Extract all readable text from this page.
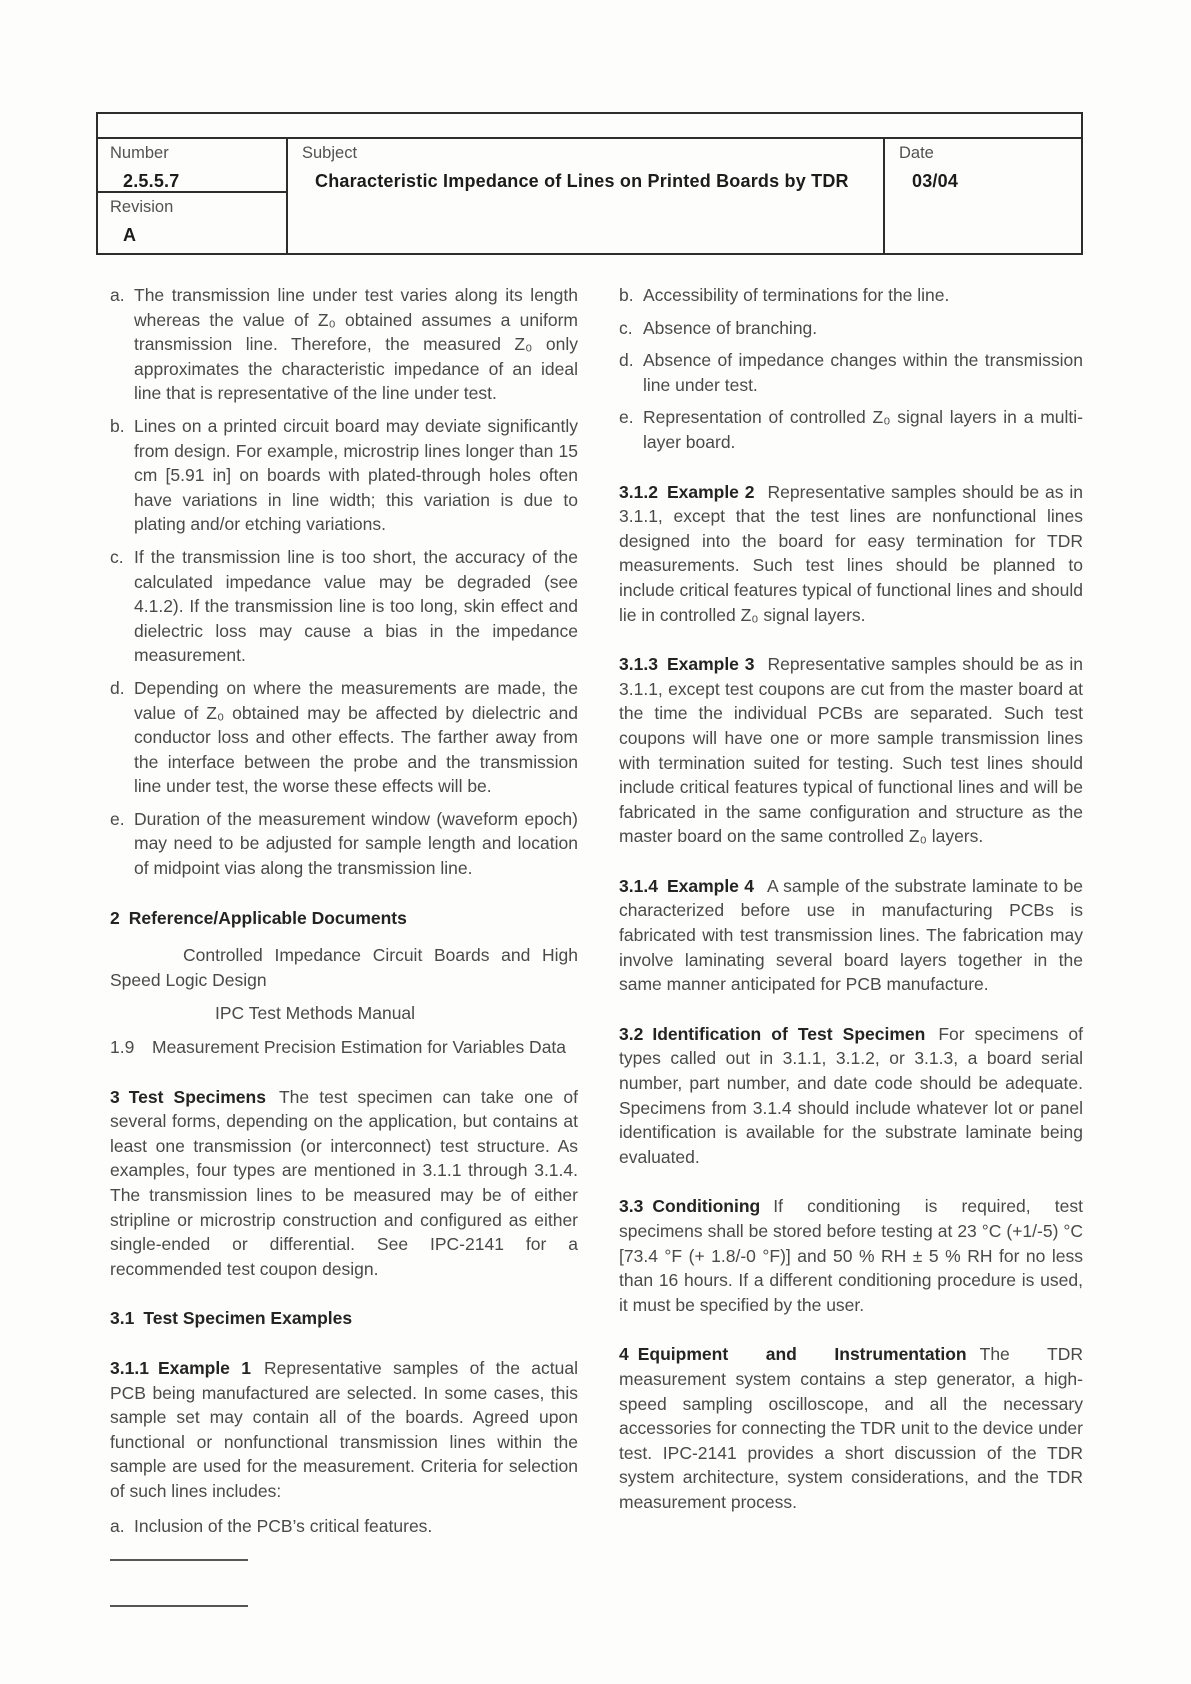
Number
2.5.5.7
Revision
A
Subject
Characteristic Impedance of Lines on Printed Boards by TDR
Date
03/04
a. The transmission line under test varies along its length whereas the value of Z₀ obtained assumes a uniform transmission line. Therefore, the measured Z₀ only approximates the characteristic impedance of an ideal line that is representative of the line under test.
b. Lines on a printed circuit board may deviate significantly from design. For example, microstrip lines longer than 15 cm [5.91 in] on boards with plated-through holes often have variations in line width; this variation is due to plating and/or etching variations.
c. If the transmission line is too short, the accuracy of the calculated impedance value may be degraded (see 4.1.2). If the transmission line is too long, skin effect and dielectric loss may cause a bias in the impedance measurement.
d. Depending on where the measurements are made, the value of Z₀ obtained may be affected by dielectric and conductor loss and other effects. The farther away from the interface between the probe and the transmission line under test, the worse these effects will be.
e. Duration of the measurement window (waveform epoch) may need to be adjusted for sample length and location of midpoint vias along the transmission line.

2 Reference/Applicable Documents

Controlled Impedance Circuit Boards and High Speed Logic Design

IPC Test Methods Manual

1.9	Measurement Precision Estimation for Variables Data

3 Test Specimens The test specimen can take one of several forms, depending on the application, but contains at least one transmission (or interconnect) test structure. As examples, four types are mentioned in 3.1.1 through 3.1.4. The transmission lines to be measured may be of either stripline or microstrip construction and configured as either single-ended or differential. See IPC-2141 for a recommended test coupon design.

3.1 Test Specimen Examples

3.1.1 Example 1 Representative samples of the actual PCB being manufactured are selected. In some cases, this sample set may contain all of the boards. Agreed upon functional or nonfunctional transmission lines within the sample are used for the measurement. Criteria for selection of such lines includes:

a. Inclusion of the PCB’s critical features.
b. Accessibility of terminations for the line.
c. Absence of branching.
d. Absence of impedance changes within the transmission line under test.
e. Representation of controlled Z₀ signal layers in a multi-layer board.

3.1.2 Example 2 Representative samples should be as in 3.1.1, except that the test lines are nonfunctional lines designed into the board for easy termination for TDR measurements. Such test lines should be planned to include critical features typical of functional lines and should lie in controlled Z₀ signal layers.

3.1.3 Example 3 Representative samples should be as in 3.1.1, except test coupons are cut from the master board at the time the individual PCBs are separated. Such test coupons will have one or more sample transmission lines with termination suited for testing. Such test lines should include critical features typical of functional lines and will be fabricated in the same configuration and structure as the master board on the same controlled Z₀ layers.

3.1.4 Example 4 A sample of the substrate laminate to be characterized before use in manufacturing PCBs is fabricated with test transmission lines. The fabrication may involve laminating several board layers together in the same manner anticipated for PCB manufacture.

3.2 Identification of Test Specimen For specimens of types called out in 3.1.1, 3.1.2, or 3.1.3, a board serial number, part number, and date code should be adequate. Specimens from 3.1.4 should include whatever lot or panel identification is available for the substrate laminate being evaluated.

3.3 Conditioning If conditioning is required, test specimens shall be stored before testing at 23 °C (+1/-5) °C [73.4 °F (+ 1.8/-0 °F)] and 50 % RH ± 5 % RH for no less than 16 hours. If a different conditioning procedure is used, it must be specified by the user.

4 Equipment and Instrumentation The TDR measurement system contains a step generator, a high-speed sampling oscilloscope, and all the necessary accessories for connecting the TDR unit to the device under test. IPC-2141 provides a short discussion of the TDR system architecture, system considerations, and the TDR measurement process.
